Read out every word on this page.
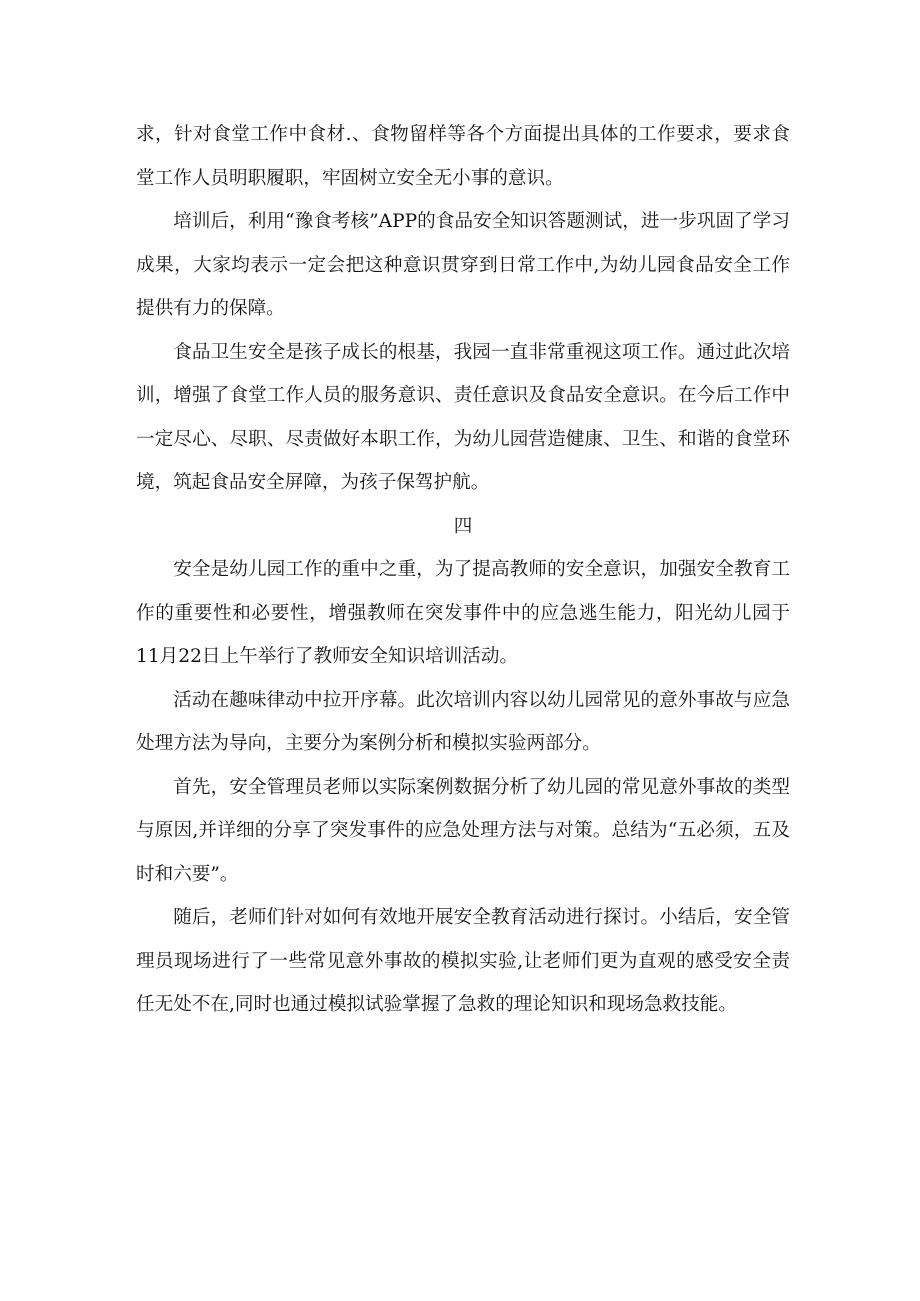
求，针对食堂工作中食材.、食物留样等各个方面提出具体的工作要求，要求食堂工作人员明职履职，牢固树立安全无小事的意识。

培训后，利用“豫食考核”APP的食品安全知识答题测试，进一步巩固了学习成果，大家均表示一定会把这种意识贯穿到日常工作中,为幼儿园食品安全工作提供有力的保障。

食品卫生安全是孩子成长的根基，我园一直非常重视这项工作。通过此次培训，增强了食堂工作人员的服务意识、责任意识及食品安全意识。在今后工作中一定尽心、尽职、尽责做好本职工作，为幼儿园营造健康、卫生、和谐的食堂环境，筑起食品安全屏障，为孩子保驾护航。

四

安全是幼儿园工作的重中之重，为了提高教师的安全意识，加强安全教育工作的重要性和必要性，增强教师在突发事件中的应急逃生能力，阳光幼儿园于11月22日上午举行了教师安全知识培训活动。

活动在趣味律动中拉开序幕。此次培训内容以幼儿园常见的意外事故与应急处理方法为导向，主要分为案例分析和模拟实验两部分。

首先，安全管理员老师以实际案例数据分析了幼儿园的常见意外事故的类型与原因,并详细的分享了突发事件的应急处理方法与对策。总结为“五必须，五及时和六要”。

随后，老师们针对如何有效地开展安全教育活动进行探讨。小结后，安全管理员现场进行了一些常见意外事故的模拟实验,让老师们更为直观的感受安全责任无处不在,同时也通过模拟试验掌握了急救的理论知识和现场急救技能。
